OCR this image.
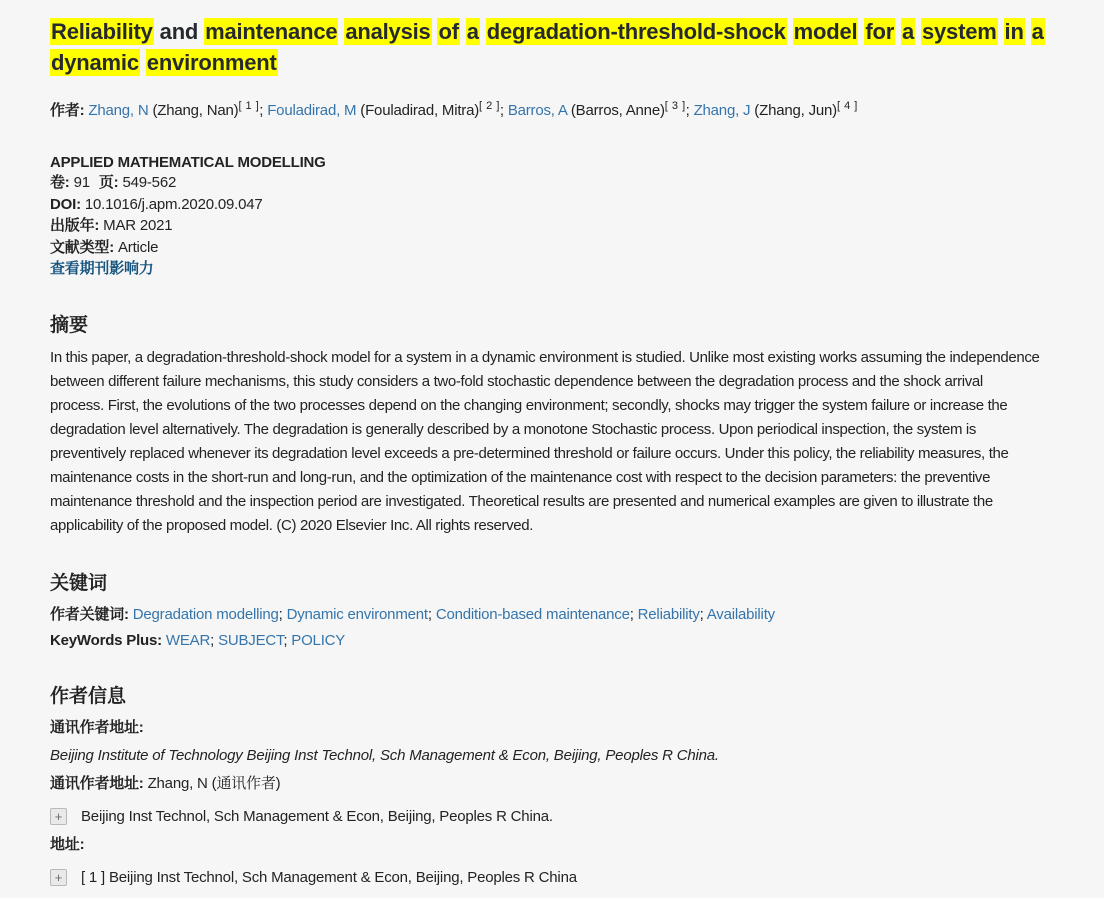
Reliability and maintenance analysis of a degradation-threshold-shock model for a system in a
dynamic environment

作者: Zhang, N (Zhang, Nan)[ 1 ]; Fouladirad, M (Fouladirad, Mitra)[ 2 ]; Barros, A (Barros, Anne)[ 3 ]; Zhang, J (Zhang, Jun)[ 4 ]

APPLIED MATHEMATICAL MODELLING
卷: 91 页: 549-562
DOI: 10.1016/j.apm.2020.09.047
出版年: MAR 2021
文献类型: Article
查看期刊影响力
摘要

In this paper, a degradation-threshold-shock model for a system in a dynamic environment is studied. Unlike most existing works assuming the independence between different failure mechanisms, this study considers a two-fold stochastic dependence between the degradation process and the shock arrival process. First, the evolutions of the two processes depend on the changing environment; secondly, shocks may trigger the system failure or increase the degradation level alternatively. The degradation is generally described by a monotone Stochastic process. Upon periodical inspection, the system is preventively replaced whenever its degradation level exceeds a pre-determined threshold or failure occurs. Under this policy, the reliability measures, the maintenance costs in the short-run and long-run, and the optimization of the maintenance cost with respect to the decision parameters: the preventive maintenance threshold and the inspection period are investigated. Theoretical results are presented and numerical examples are given to illustrate the applicability of the proposed model. (C) 2020 Elsevier Inc. All rights reserved.

关键词

作者关键词: Degradation modelling; Dynamic environment; Condition-based maintenance; Reliability; Availability

KeyWords Plus: WEAR; SUBJECT; POLICY

作者信息

通讯作者地址:

Beijing Institute of Technology Beijing Inst Technol, Sch Management & Econ, Beijing, Peoples R China.

通讯作者地址: Zhang, N (通讯作者)

+	Beijing Inst Technol, Sch Management & Econ, Beijing, Peoples R China.

地址:

+	[ 1 ] Beijing Inst Technol, Sch Management & Econ, Beijing, Peoples R China
